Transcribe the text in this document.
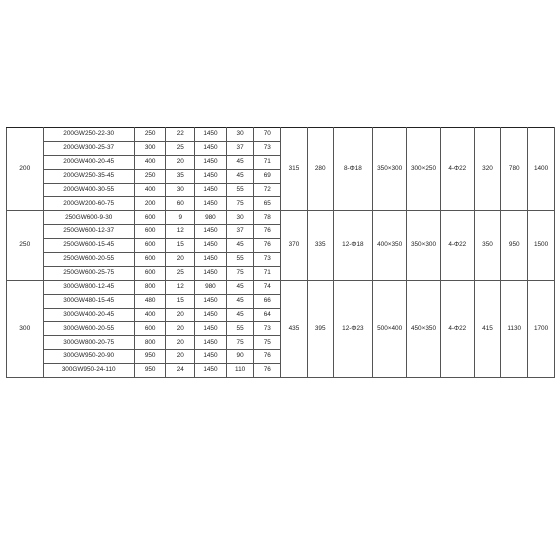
200	200GW250-22-30	250	22	1450	30	70	315	280	8-Φ18	350×300	300×250	4-Φ22	320	780	1400
	200GW300-25-37	300	25	1450	37	73									
	200GW400-20-45	400	20	1450	45	71									
	200GW250-35-45	250	35	1450	45	69									
	200GW400-30-55	400	30	1450	55	72									
	200GW200-60-75	200	60	1450	75	65									
250	250GW600-9-30	600	9	980	30	78	370	335	12-Φ18	400×350	350×300	4-Φ22	350	950	1500
	250GW600-12-37	600	12	1450	37	76									
	250GW600-15-45	600	15	1450	45	76									
	250GW600-20-55	600	20	1450	55	73									
	250GW600-25-75	600	25	1450	75	71									
300	300GW800-12-45	800	12	980	45	74	435	395	12-Φ23	500×400	450×350	4-Φ22	415	1130	1700
	300GW480-15-45	480	15	1450	45	66									
	300GW400-20-45	400	20	1450	45	64									
	300GW600-20-55	600	20	1450	55	73									
	300GW800-20-75	800	20	1450	75	75									
	300GW950-20-90	950	20	1450	90	76									
	300GW950-24-110	950	24	1450	110	76									
